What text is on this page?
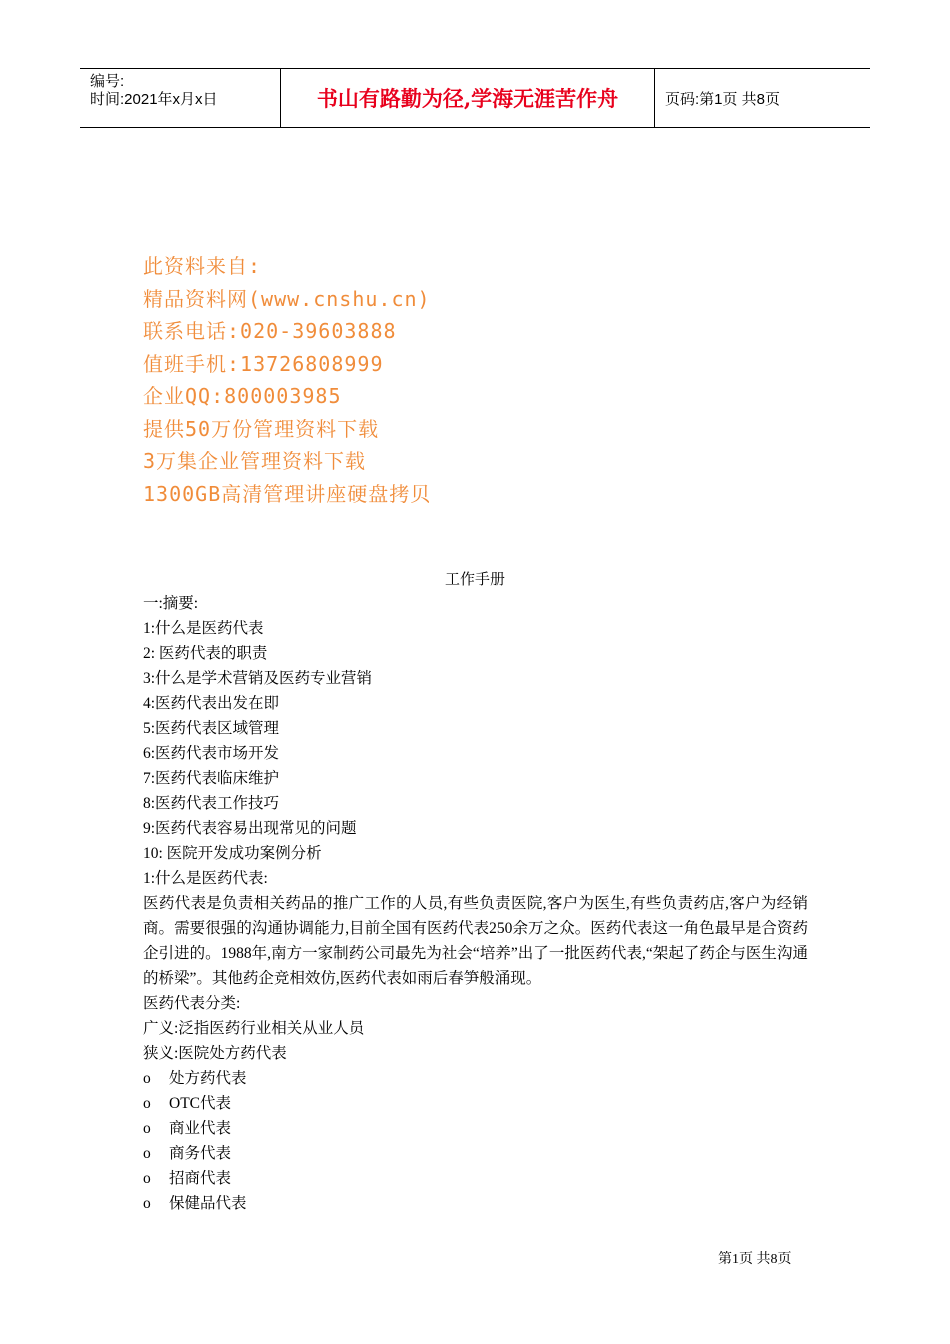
编号:
时间:2021年x月x日	书山有路勤为径,学海无涯苦作舟	页码:第1页 共8页
此资料来自:
精品资料网(www.cnshu.cn)
联系电话:020-39603888
值班手机:13726808999
企业QQ:800003985
提供50万份管理资料下载
3万集企业管理资料下载
1300GB高清管理讲座硬盘拷贝
工作手册
一:摘要:
1:什么是医药代表
2: 医药代表的职责
3:什么是学术营销及医药专业营销
4:医药代表出发在即
5:医药代表区域管理
6:医药代表市场开发
7:医药代表临床维护
8:医药代表工作技巧
9:医药代表容易出现常见的问题
10: 医院开发成功案例分析
1:什么是医药代表:
医药代表是负责相关药品的推广工作的人员,有些负责医院,客户为医生,有些负责药店,客户为经销商。需要很强的沟通协调能力,目前全国有医药代表250余万之众。医药代表这一角色最早是合资药企引进的。1988年,南方一家制药公司最先为社会“培养”出了一批医药代表,“架起了药企与医生沟通的桥梁”。其他药企竞相效仿,医药代表如雨后春笋般涌现。
医药代表分类:
广义:泛指医药行业相关从业人员
狭义:医院处方药代表
o	处方药代表
o	OTC代表
o	商业代表
o	商务代表
o	招商代表
o	保健品代表
第1页 共8页
